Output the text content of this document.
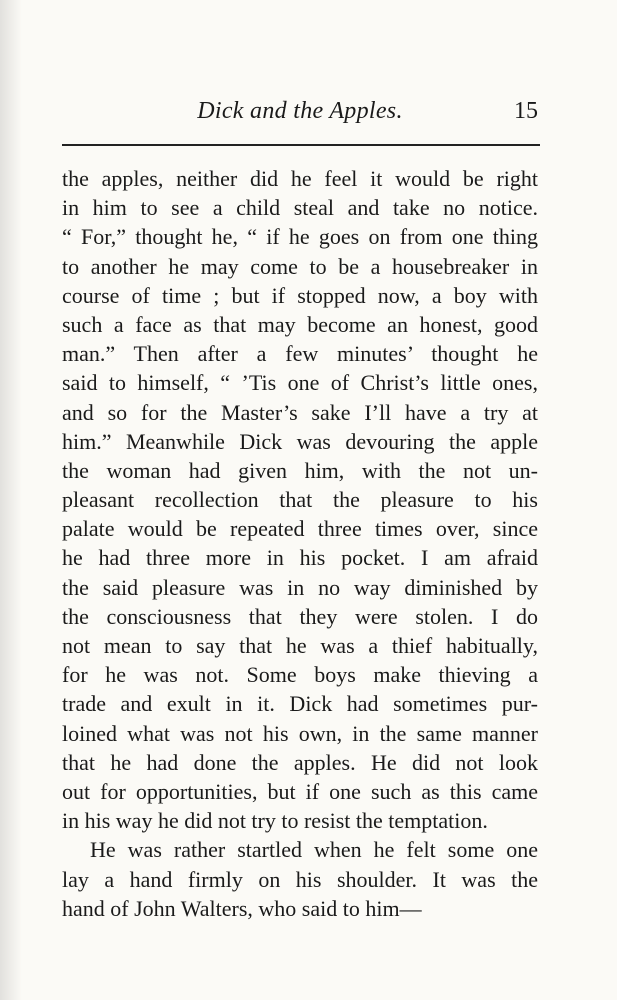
Dick and the Apples.	15
the apples, neither did he feel it would be right
in him to see a child steal and take no notice.
“ For,” thought he, “ if he goes on from one thing
to another he may come to be a housebreaker in
course of time ; but if stopped now, a boy with
such a face as that may become an honest, good
man.” Then after a few minutes’ thought he
said to himself, “ ’Tis one of Christ’s little ones,
and so for the Master’s sake I’ll have a try at
him.” Meanwhile Dick was devouring the apple
the woman had given him, with the not un-
pleasant recollection that the pleasure to his
palate would be repeated three times over, since
he had three more in his pocket. I am afraid
the said pleasure was in no way diminished by
the consciousness that they were stolen. I do
not mean to say that he was a thief habitually,
for he was not. Some boys make thieving a
trade and exult in it. Dick had sometimes pur-
loined what was not his own, in the same manner
that he had done the apples. He did not look
out for opportunities, but if one such as this came
in his way he did not try to resist the temptation.
He was rather startled when he felt some one
lay a hand firmly on his shoulder. It was the
hand of John Walters, who said to him—
